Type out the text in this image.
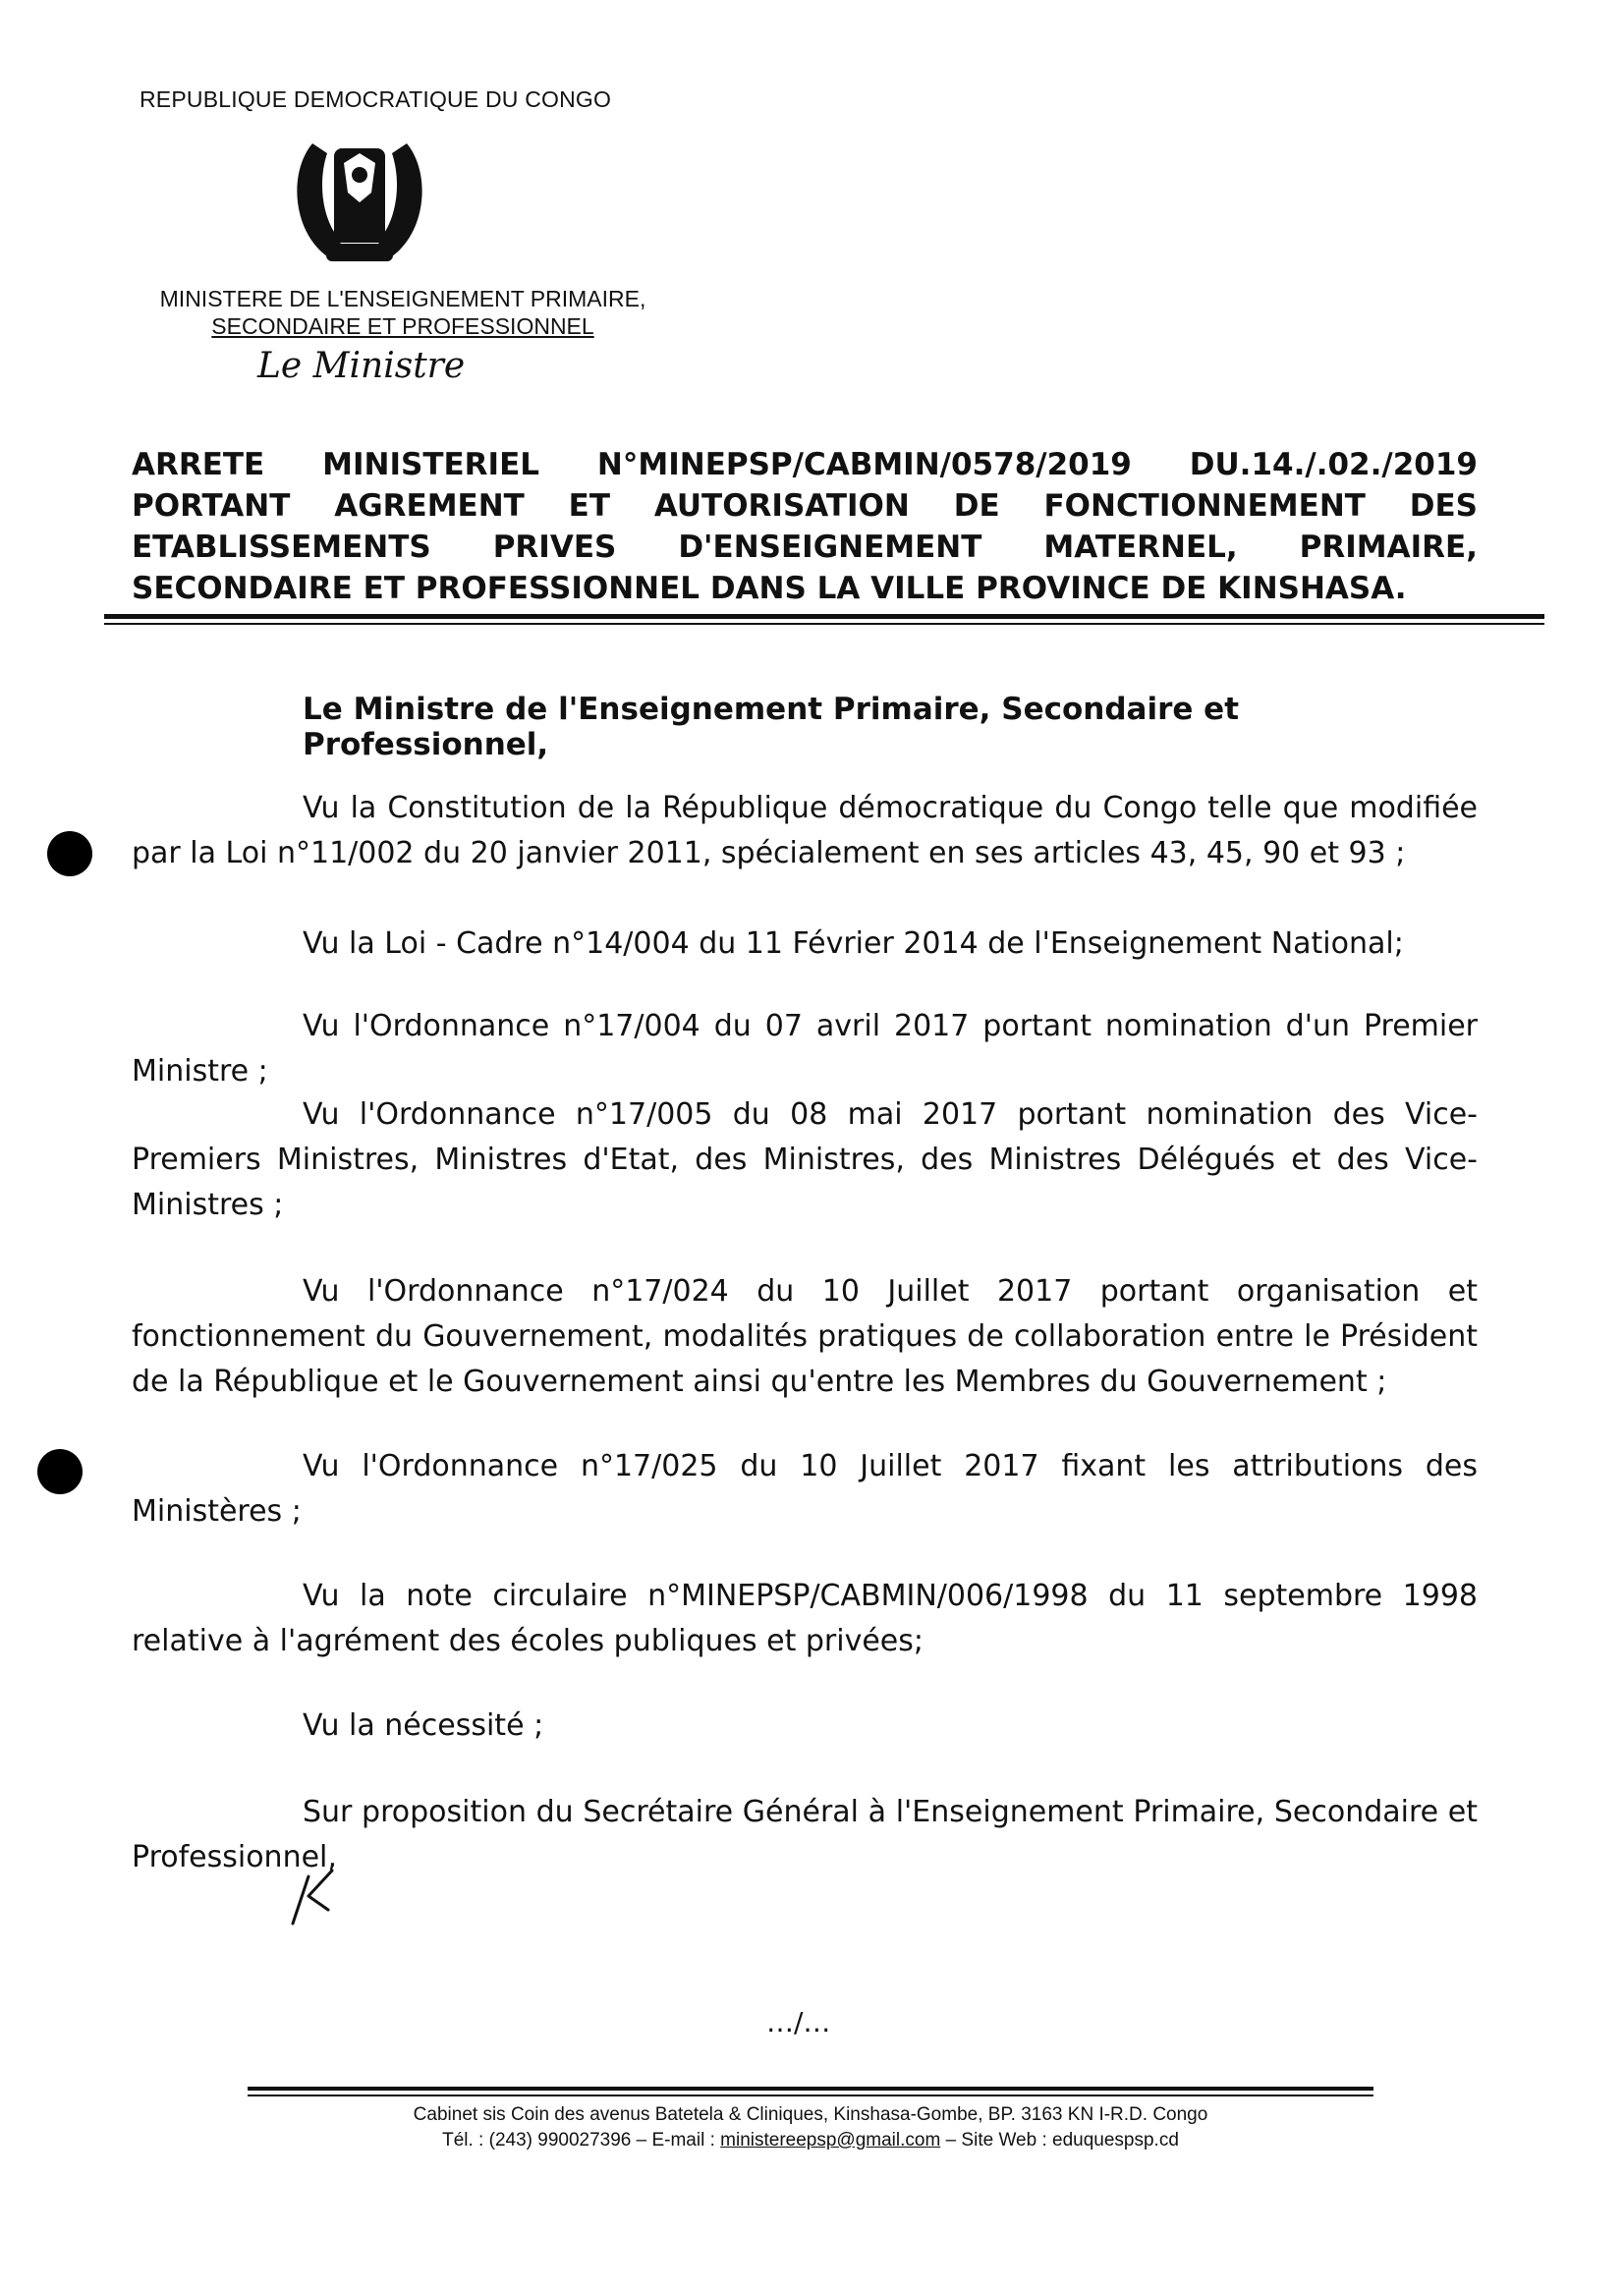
REPUBLIQUE DEMOCRATIQUE DU CONGO
MINISTERE DE L'ENSEIGNEMENT PRIMAIRE,
SECONDAIRE ET PROFESSIONNEL
Le Ministre
ARRETE MINISTERIEL N°MINEPSP/CABMIN/0578/2019 DU.14./.02./2019
PORTANT AGREMENT ET AUTORISATION DE FONCTIONNEMENT DES
ETABLISSEMENTS PRIVES D'ENSEIGNEMENT MATERNEL, PRIMAIRE,
SECONDAIRE ET PROFESSIONNEL DANS LA VILLE PROVINCE DE KINSHASA.
Le Ministre de l'Enseignement Primaire, Secondaire et Professionnel,
Vu la Constitution de la République démocratique du Congo telle que modifiée par la Loi n°11/002 du 20 janvier 2011, spécialement en ses articles 43, 45, 90 et 93 ;
Vu la Loi - Cadre n°14/004 du 11 Février 2014 de l'Enseignement National;
Vu l'Ordonnance n°17/004 du 07 avril 2017 portant nomination d'un Premier Ministre ;
Vu l'Ordonnance n°17/005 du 08 mai 2017 portant nomination des Vice-Premiers Ministres, Ministres d'Etat, des Ministres, des Ministres Délégués et des Vice-Ministres ;
Vu l'Ordonnance n°17/024 du 10 Juillet 2017 portant organisation et fonctionnement du Gouvernement, modalités pratiques de collaboration entre le Président de la République et le Gouvernement ainsi qu'entre les Membres du Gouvernement ;
Vu l'Ordonnance n°17/025 du 10 Juillet 2017 fixant les attributions des Ministères ;
Vu la note circulaire n°MINEPSP/CABMIN/006/1998 du 11 septembre 1998 relative à l'agrément des écoles publiques et privées;
Vu la nécessité ;
Sur proposition du Secrétaire Général à l'Enseignement Primaire, Secondaire et Professionnel,
…/…
Cabinet sis Coin des avenus Batetela & Cliniques, Kinshasa-Gombe, BP. 3163 KN I-R.D. Congo
Tél. : (243) 990027396 – E-mail : ministereepsp@gmail.com – Site Web : eduquespsp.cd
